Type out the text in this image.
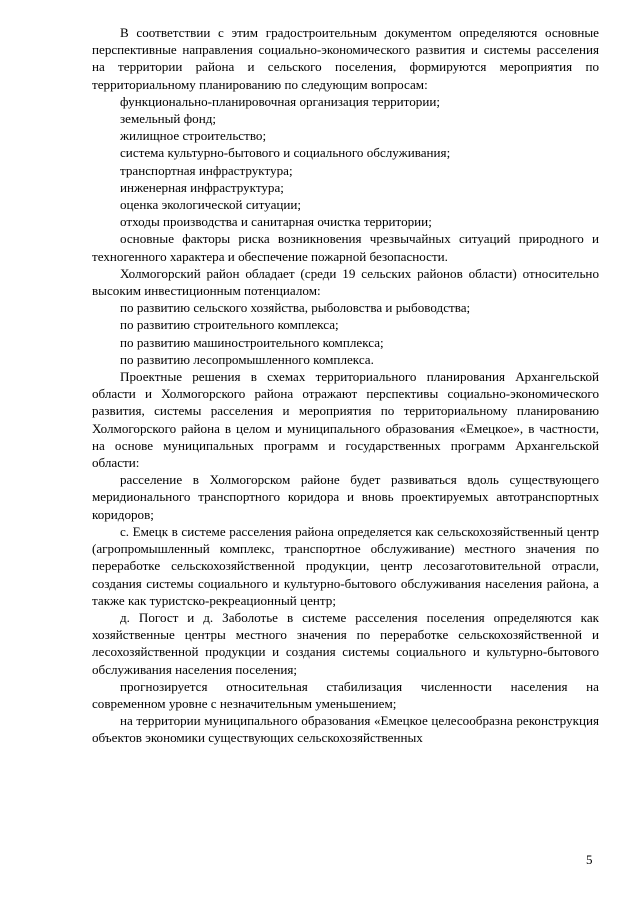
В соответствии с этим градостроительным документом определяются основные перспективные направления социально-экономического развития и системы расселения на территории района и сельского поселения, формируются мероприятия по территориальному планированию по следующим вопросам:

функционально-планировочная организация территории;

земельный фонд;

жилищное строительство;

система культурно-бытового и социального обслуживания;

транспортная инфраструктура;

инженерная инфраструктура;

оценка экологической ситуации;

отходы производства и санитарная очистка территории;

основные факторы риска возникновения чрезвычайных ситуаций природного и техногенного характера и обеспечение пожарной безопасности.

Холмогорский район обладает (среди 19 сельских районов области) относительно высоким инвестиционным потенциалом:

по развитию сельского хозяйства, рыболовства и рыбоводства;

по развитию строительного комплекса;

по развитию машиностроительного комплекса;

по развитию лесопромышленного комплекса.

Проектные решения в схемах территориального планирования Архангельской области и Холмогорского района отражают перспективы социально-экономического развития, системы расселения и мероприятия по территориальному планированию Холмогорского района в целом и муниципального образования «Емецкое», в частности, на основе муниципальных программ и государственных программ Архангельской области:

расселение в Холмогорском районе будет развиваться вдоль существующего меридионального транспортного коридора и вновь проектируемых автотранспортных коридоров;

с. Емецк в системе расселения района определяется как сельскохозяйственный центр (агропромышленный комплекс, транспортное обслуживание) местного значения по переработке сельскохозяйственной продукции, центр лесозаготовительной отрасли, создания системы социального и культурно-бытового обслуживания населения района, а также как туристско-рекреационный центр;

д. Погост и д. Заболотье в системе расселения поселения определяются как хозяйственные центры местного значения по переработке сельскохозяйственной и лесохозяйственной продукции и создания системы социального и культурно-бытового обслуживания населения поселения;

прогнозируется относительная стабилизация численности населения на современном уровне с незначительным уменьшением;

на территории муниципального образования «Емецкое целесообразна реконструкция объектов экономики существующих сельскохозяйственных

5
